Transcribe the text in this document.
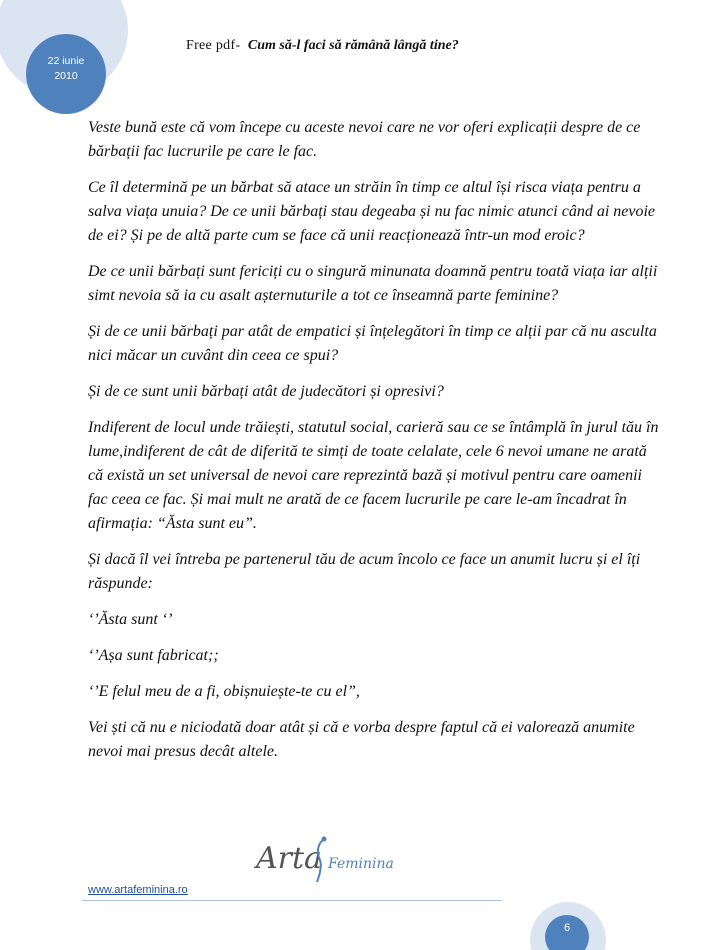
22 iunie
2010
Free pdf- Cum să-l faci să rămână lângă tine?

Veste bună este că vom începe cu aceste nevoi care ne vor oferi explicații despre de ce bărbații fac lucrurile pe care le fac.

Ce îl determină pe un bărbat să atace un străin în timp ce altul își risca viața pentru a salva viața unuia? De ce unii bărbați stau degeaba și nu fac nimic atunci când ai nevoie de ei? Și pe de altă parte cum se face că unii reacționează într-un mod eroic?

De ce unii bărbați sunt fericiți cu o singură minunata doamnă pentru toată viața iar alții simt nevoia să ia cu asalt așternuturile a tot ce înseamnă parte feminine?

Și de ce unii bărbați par atât de empatici și înțelegători în timp ce alții par că nu asculta nici măcar un cuvânt din ceea ce spui?

Și de ce sunt unii bărbați atât de judecători și opresivi?

Indiferent de locul unde trăiești, statutul social, carieră sau ce se întâmplă în jurul tău în lume,indiferent de cât de diferită te simți de toate celalate, cele 6 nevoi umane ne arată că există un set universal de nevoi care reprezintă bază și motivul pentru care oamenii fac ceea ce fac. Și mai mult ne arată de ce facem lucrurile pe care le-am încadrat în afirmația: “Ăsta sunt eu”.

Și dacă îl vei întreba pe partenerul tău de acum încolo ce face un anumit lucru și el îți răspunde:

‘’Ăsta sunt ‘’

‘’Așa sunt fabricat;;

‘’E felul meu de a fi, obișnuiește-te cu el”,

Vei ști că nu e niciodată doar atât și că e vorba despre faptul că ei valorează anumite nevoi mai presus decât altele.

Arta Feminina
www.artafeminina.ro
6
